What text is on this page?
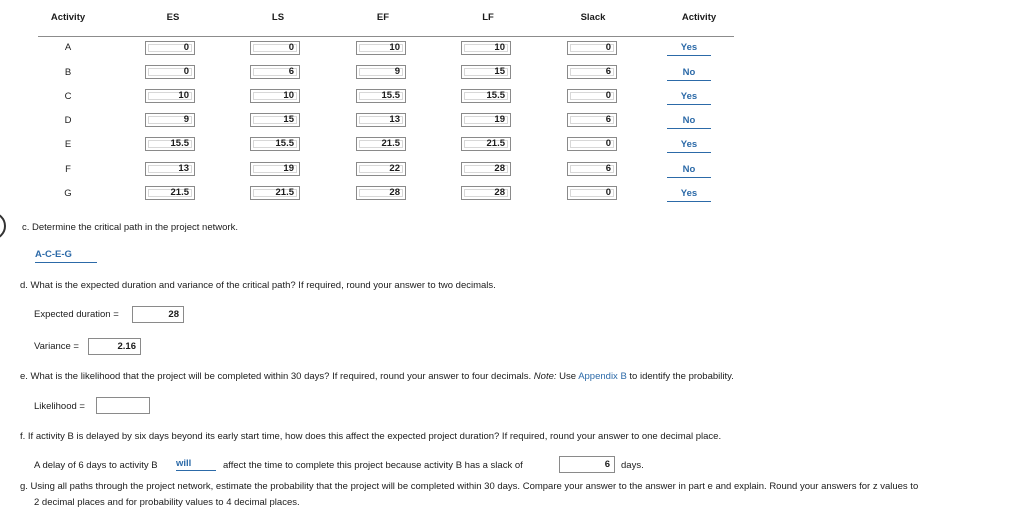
Activity	ES	LS	EF	LF	Slack	Activity
A	0	0	10	10	0	Yes
B	0	6	9	15	6	No
C	10	10	15.5	15.5	0	Yes
D	9	15	13	19	6	No
E	15.5	15.5	21.5	21.5	0	Yes
F	13	19	22	28	6	No
G	21.5	21.5	28	28	0	Yes
c. Determine the critical path in the project network.
A-C-E-G
d. What is the expected duration and variance of the critical path? If required, round your answer to two decimals.
Expected duration =	28
Variance =	2.16
e. What is the likelihood that the project will be completed within 30 days? If required, round your answer to four decimals. Note: Use Appendix B to identify the probability.
Likelihood =
f. If activity B is delayed by six days beyond its early start time, how does this affect the expected project duration? If required, round your answer to one decimal place.
A delay of 6 days to activity B will	affect the time to complete this project because activity B has a slack of	6	days.
g. Using all paths through the project network, estimate the probability that the project will be completed within 30 days. Compare your answer to the answer in part e and explain. Round your answers for z values to
2 decimal places and for probability values to 4 decimal places.
